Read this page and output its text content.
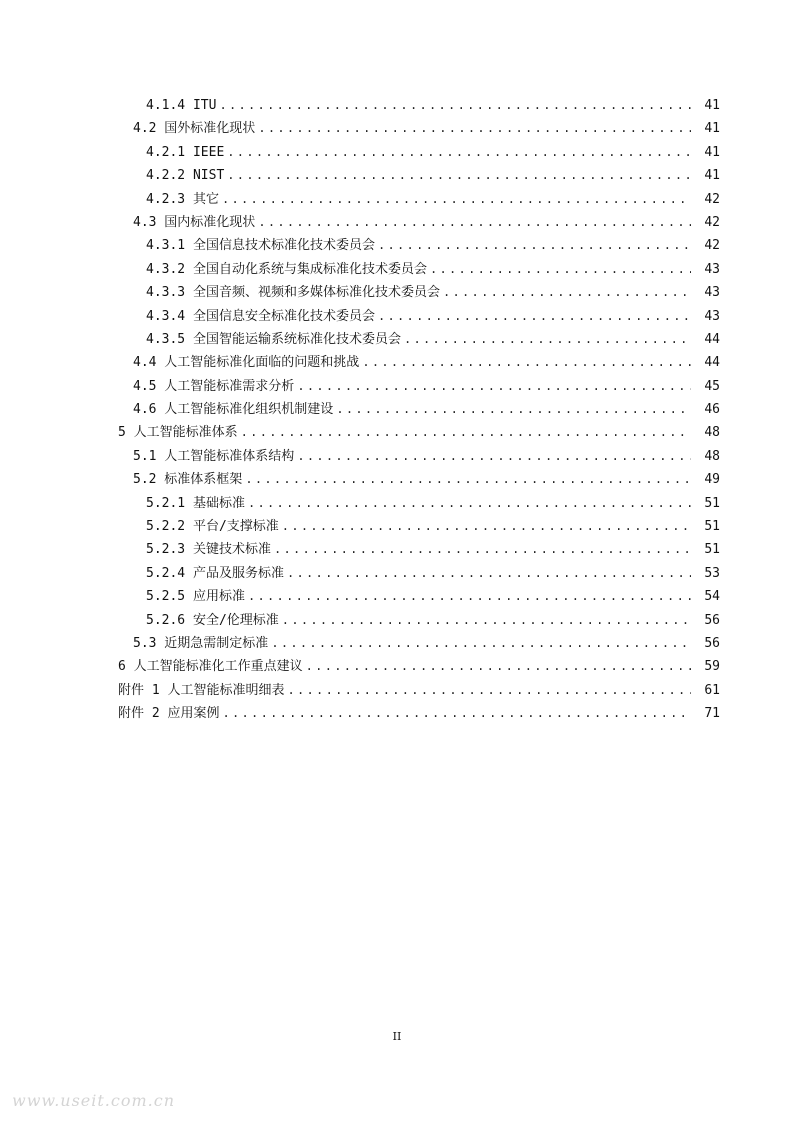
4.1.4 ITU .....	41
4.2 国外标准化现状 .....	41
4.2.1 IEEE .....	41
4.2.2 NIST .....	41
4.2.3 其它 .....	42
4.3 国内标准化现状 .....	42
4.3.1 全国信息技术标准化技术委员会 .....	42
4.3.2 全国自动化系统与集成标准化技术委员会 .....	43
4.3.3 全国音频、视频和多媒体标准化技术委员会 .....	43
4.3.4 全国信息安全标准化技术委员会 .....	43
4.3.5 全国智能运输系统标准化技术委员会 .....	44
4.4 人工智能标准化面临的问题和挑战 .....	44
4.5 人工智能标准需求分析 .....	45
4.6 人工智能标准化组织机制建设 .....	46
5 人工智能标准体系 .....	48
5.1 人工智能标准体系结构 .....	48
5.2 标准体系框架 .....	49
5.2.1 基础标准 .....	51
5.2.2 平台/支撑标准 .....	51
5.2.3 关键技术标准 .....	51
5.2.4 产品及服务标准 .....	53
5.2.5 应用标准 .....	54
5.2.6 安全/伦理标准 .....	56
5.3 近期急需制定标准 .....	56
6 人工智能标准化工作重点建议 .....	59
附件 1 人工智能标准明细表 .....	61
附件 2 应用案例 .....	71
II
www.useit.com.cn
